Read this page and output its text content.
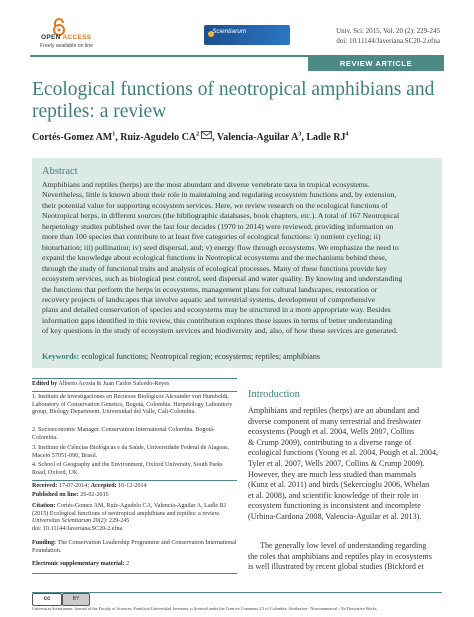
OPEN ACCESS
Freely available on line
Scientiarum	Univ. Sci. 2015, Vol. 20 (2): 229-245
doi: 10.11144/Javeriana.SC20-2.efna
REVIEW ARTICLE
Ecological functions of neotropical amphibians and
reptiles: a review
Cortés-Gomez $AM^1$, Ruiz-Agudelo $CA^2$ , Valencia-Aguilar $A^3$, Ladle $RJ^4$
Abstract
Amphibians and reptiles (herps) are the most abundant and diverse vertebrate taxa in tropical ecosystems.
Nevertheless, little is known about their role in maintaining and regulating ecosystem functions and, by extension,
their potential value for supporting ecosystem services. Here, we review research on the ecological functions of
Neotropical herps, in different sources (the bibliographic databases, book chapters, etc.). A total of 167 Neotropical
herpetology studies published over the last four decades (1970 to 2014) were reviewed, providing information on
more than 100 species that contribute to at least five categories of ecological functions: i) nutrient cycling; ii)
bioturbation; iii) pollination; iv) seed dispersal, and; v) energy flow through ecosystems. We emphasize the need to
expand the knowledge about ecological functions in Neotropical ecosystems and the mechanisms behind these,
through the study of functional traits and analysis of ecological processes. Many of these functions provide key
ecosystem services, such as biological pest control, seed dispersal and water quality. By knowing and understanding
the functions that perform the herps in ecosystems, management plans for cultural landscapes, restoration or
recovery projects of landscapes that involve aquatic and terrestrial systems, development of comprehensive
plans and detailed conservation of species and ecosystems may be structured in a more appropriate way. Besides
information gaps identified in this review, this contribution explores these issues in terms of better understanding
of key questions in the study of ecosystem services and biodiversity and, also, of how these services are generated.
Keywords: ecological functions; Neotropical region; ecosystems; reptiles; amphibians
Edited by Alberto Acosta & Juan Carlos Salcedo-Reyes
1. Instituto de investigaciones en Recursos Biológicos Alexander von Humboldt, Laboratory of Conservation Genetics, Bogotá, Colombia. Herpetology Laboratory group, Biology Department, Universidad del Valle, Cali-Colombia.
2. Socioeconomic Manager. Conservation International Colombia. Bogotá-Colombia.
3. Instituto de Ciências Biológicas e da Saúde, Universidade Federal de Alagoas, Maceió 57051-090, Brasil.
4. School of Geography and the Environment, Oxford University, South Parks Road, Oxford, UK.
Received: 17-07-2014; Accepted: 16-12-2014
Published on line: 26-02-2015
Citation: Cortés-Gomez AM, Ruiz-Agudelo CA, Valencia-Aguilar A, Ladle RJ (2015) Ecological functions of neotropical amphibians and reptiles: a review. Universitas Scientiarum 20(2): 229-245
doi: 10.11144/Javeriana.SC20-2.efna
Funding: The Conservation Leadership Programme and Conservation International Foundation.
Electronic supplementary material: 2
Introduction
Amphibians and reptiles (herps) are an abundant and
diverse component of many terrestrial and freshwater
ecosystems (Pough et al. 2004, Wells 2007, Collins
& Crump 2009), contributing to a diverse range of
ecological functions (Young et al. 2004, Pough et al. 2004,
Tyler et al. 2007, Wells 2007, Collins & Crump 2009).
However, they are much less studied than mammals
(Kunz et al. 2011) and birds (Sekercioglu 2006, Whelan
et al. 2008), and scientific knowledge of their role in
ecosystem functioning is inconsistent and incomplete
(Urbina-Cardona 2008, Valencia-Aguilar et al. 2013).
The generally low level of understanding regarding
the roles that amphibians and reptiles play in ecosystems
is well illustrated by recent global studies (Bickford et
cc	BY
Universitas Scientiarum, Journal of the Faculty of Sciences, Pontificia Universidad Javeriana, is licensed under the Creative Commons 2.5 of Colombia: Attribution - Noncommercial - No Derivative Works.
